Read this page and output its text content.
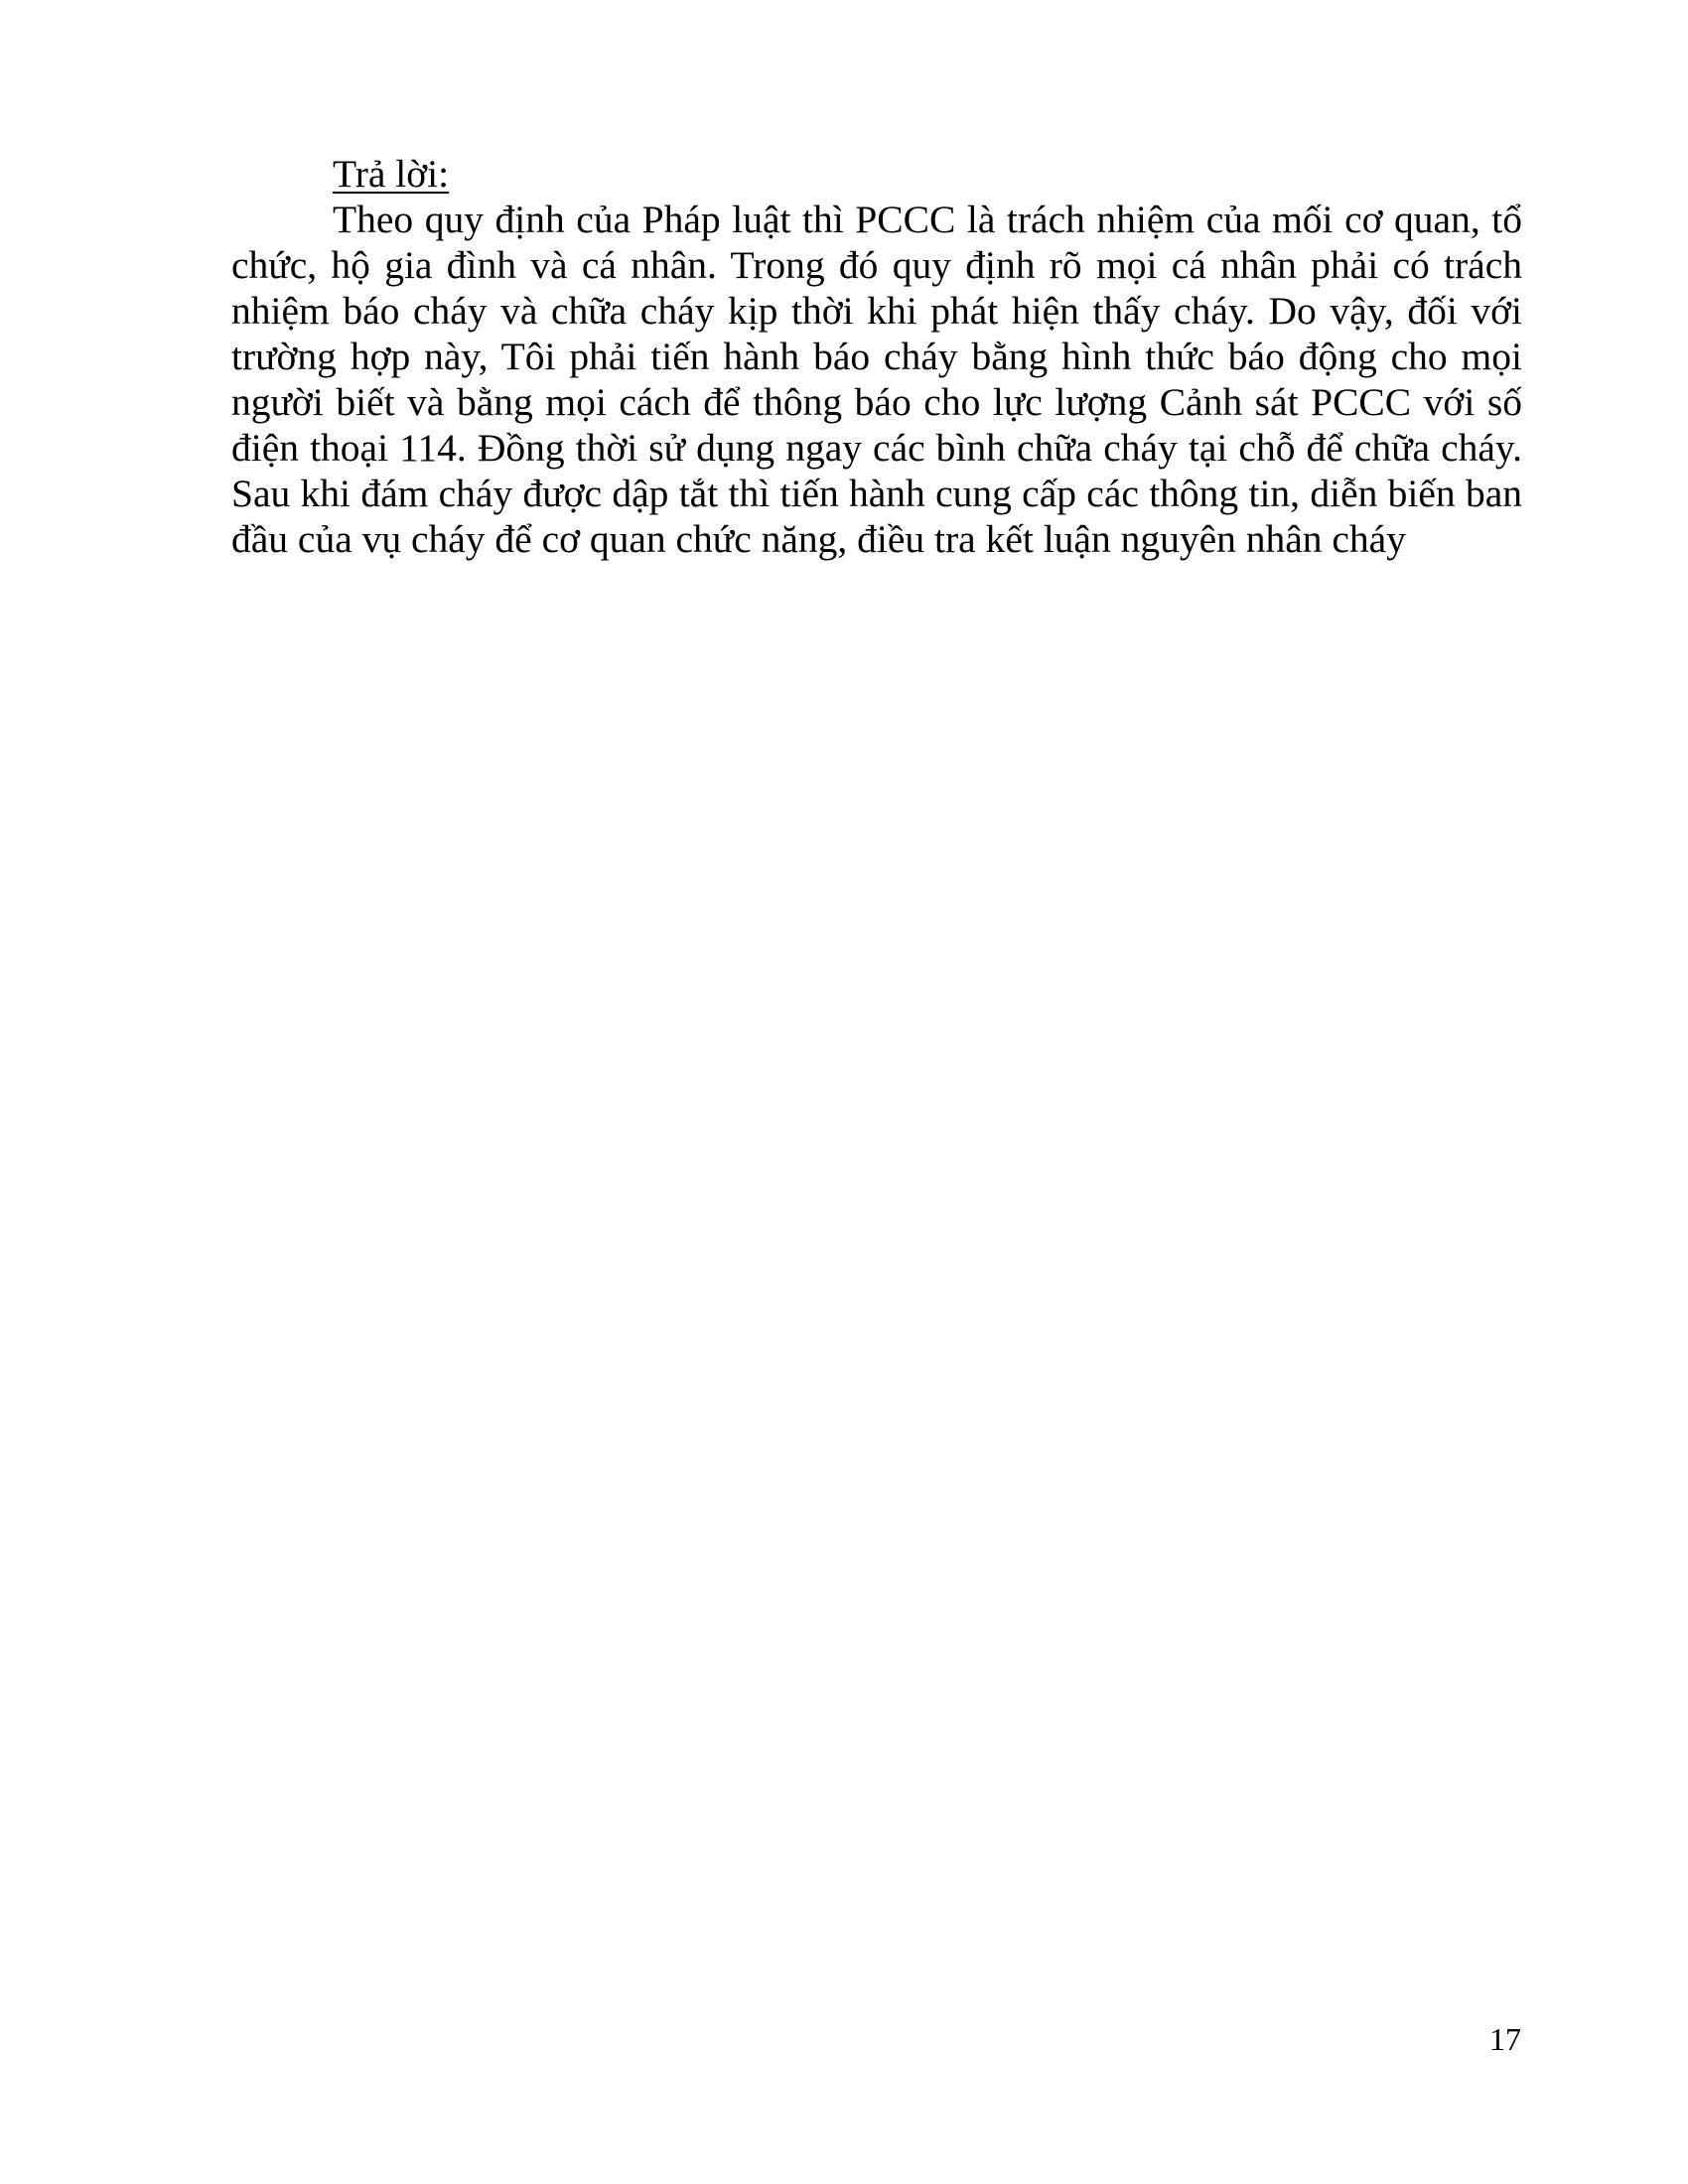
Trả lời:

Theo quy định của Pháp luật thì PCCC là trách nhiệm của mối cơ quan, tổ chức, hộ gia đình và cá nhân. Trong đó quy định rõ mọi cá nhân phải có trách nhiệm báo cháy và chữa cháy kịp thời khi phát hiện thấy cháy. Do vậy, đối với trường hợp này, Tôi phải tiến hành báo cháy bằng hình thức báo động cho mọi người biết và bằng mọi cách để thông báo cho lực lượng Cảnh sát PCCC với số điện thoại 114. Đồng thời sử dụng ngay các bình chữa cháy tại chỗ để chữa cháy. Sau khi đám cháy được dập tắt thì tiến hành cung cấp các thông tin, diễn biến ban đầu của vụ cháy để cơ quan chức năng, điều tra kết luận nguyên nhân cháy

17
